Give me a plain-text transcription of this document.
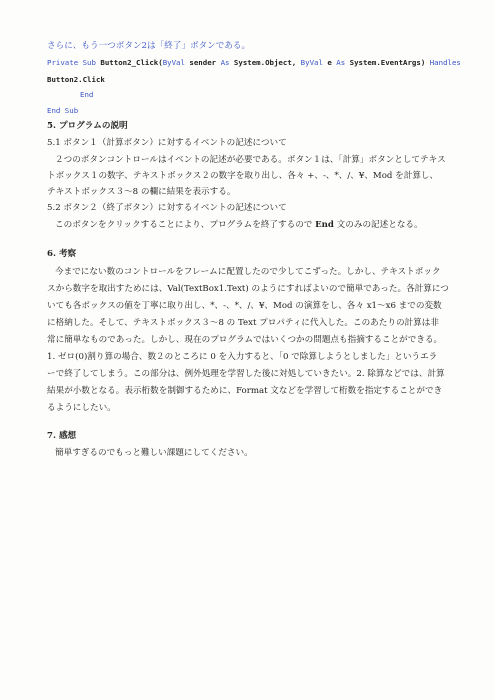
さらに、もう一つボタン2は「終了」ボタンである。
Private Sub Button2_Click(ByVal sender As System.Object, ByVal e As System.EventArgs) Handles
Button2.Click
End
End Sub
5. プログラムの説明
5.1 ボタン１（計算ボタン）に対するイベントの記述について
２つのボタンコントロールはイベントの記述が必要である。ボタン１は、「計算」ボタンとしてテキス
トボックス１の数字、テキストボックス２の数字を取り出し、各々 +、-、*、/、¥、Mod を計算し、
テキストボックス３～8 の欄に結果を表示する。
5.2 ボタン２（終了ボタン）に対するイベントの記述について
このボタンをクリックすることにより、プログラムを終了するので End 文のみの記述となる。
6. 考察
今までにない数のコントロールをフレームに配置したので少してこずった。しかし、テキストボック
スから数字を取出すためには、Val(TextBox1.Text) のようにすればよいので簡単であった。各計算につ
いても各ボックスの値を丁寧に取り出し、*、-、*、/、¥、Mod の演算をし、各々 x1～x6 までの変数
に格納した。そして、テキストボックス３～8 の Text プロパティに代入した。このあたりの計算は非
常に簡単なものであった。しかし、現在のプログラムではいくつかの問題点も指摘することができる。
1. ゼロ(0)割り算の場合、数２のところに 0 を入力すると、「0 で除算しようとしました」というエラ
ーで終了してしまう。この部分は、例外処理を学習した後に対処していきたい。2. 除算などでは、計算
結果が小数となる。表示桁数を制御するために、Format 文などを学習して桁数を指定することができ
るようにしたい。
7. 感想
簡単すぎるのでもっと難しい課題にしてください。
